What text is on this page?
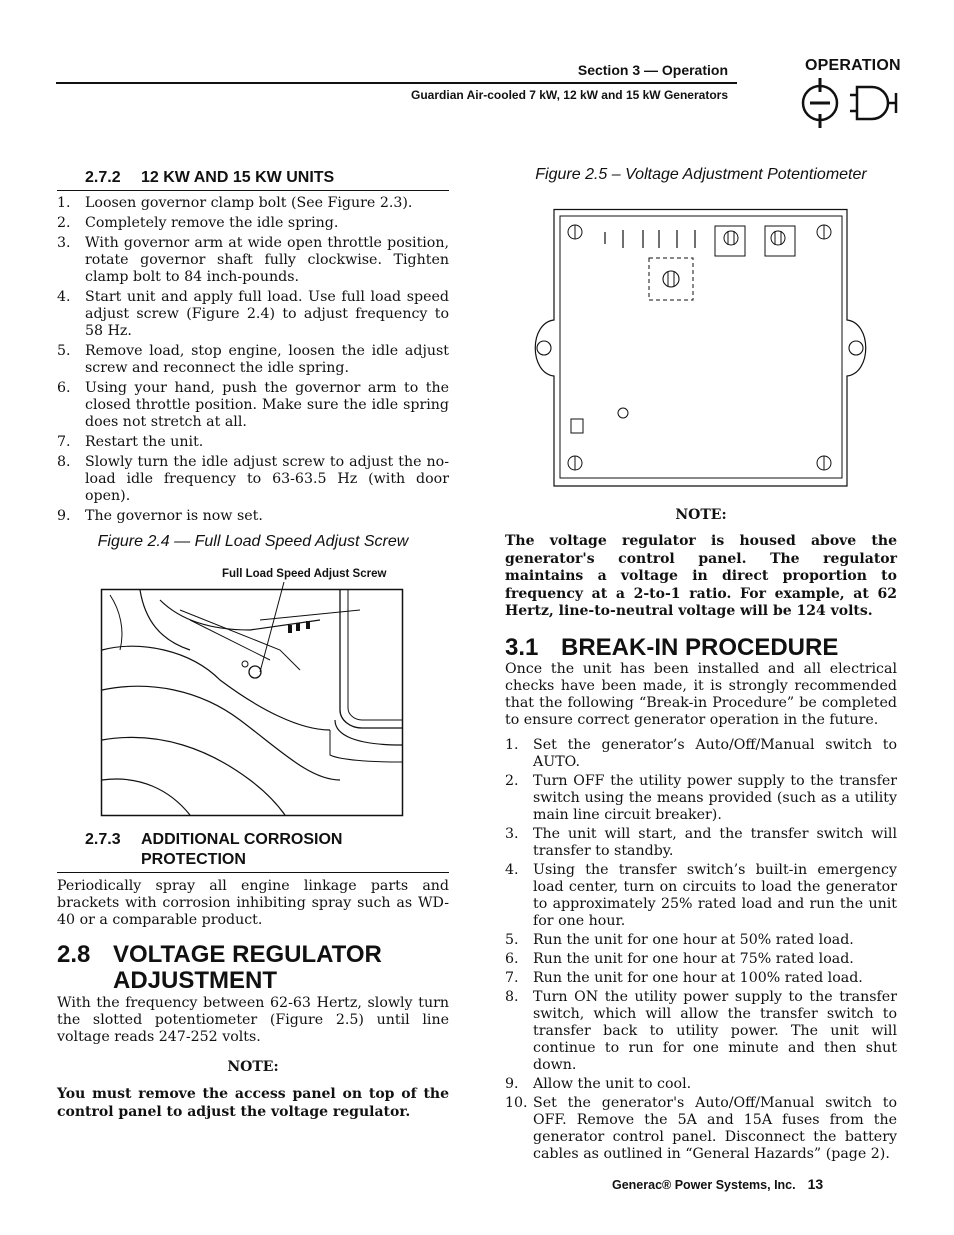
Section 3 — Operation
Guardian Air-cooled 7 kW, 12 kW and 15 kW Generators
OPERATION
2.7.2 12 KW AND 15 KW UNITS
1. Loosen governor clamp bolt (See Figure 2.3).
2. Completely remove the idle spring.
3. With governor arm at wide open throttle position, rotate governor shaft fully clockwise. Tighten clamp bolt to 84 inch-pounds.
4. Start unit and apply full load. Use full load speed adjust screw (Figure 2.4) to adjust frequency to 58 Hz.
5. Remove load, stop engine, loosen the idle adjust screw and reconnect the idle spring.
6. Using your hand, push the governor arm to the closed throttle position. Make sure the idle spring does not stretch at all.
7. Restart the unit.
8. Slowly turn the idle adjust screw to adjust the no-load idle frequency to 63-63.5 Hz (with door open).
9. The governor is now set.
Figure 2.4 — Full Load Speed Adjust Screw
Full Load Speed Adjust Screw
2.7.3 ADDITIONAL CORROSION
PROTECTION
Periodically spray all engine linkage parts and brackets with corrosion inhibiting spray such as WD-40 or a comparable product.
2.8 VOLTAGE REGULATOR
ADJUSTMENT
With the frequency between 62-63 Hertz, slowly turn the slotted potentiometer (Figure 2.5) until line voltage reads 247-252 volts.
NOTE:
You must remove the access panel on top of the control panel to adjust the voltage regulator.
Figure 2.5 – Voltage Adjustment Potentiometer
NOTE:
The voltage regulator is housed above the generator's control panel. The regulator maintains a voltage in direct proportion to frequency at a 2-to-1 ratio. For example, at 62 Hertz, line-to-neutral voltage will be 124 volts.
3.1 BREAK-IN PROCEDURE
Once the unit has been installed and all electrical checks have been made, it is strongly recommended that the following “Break-in Procedure” be completed to ensure correct generator operation in the future.
1. Set the generator’s Auto/Off/Manual switch to AUTO.
2. Turn OFF the utility power supply to the transfer switch using the means provided (such as a utility main line circuit breaker).
3. The unit will start, and the transfer switch will transfer to standby.
4. Using the transfer switch’s built-in emergency load center, turn on circuits to load the generator to approximately 25% rated load and run the unit for one hour.
5. Run the unit for one hour at 50% rated load.
6. Run the unit for one hour at 75% rated load.
7. Run the unit for one hour at 100% rated load.
8. Turn ON the utility power supply to the transfer switch, which will allow the transfer switch to transfer back to utility power. The unit will continue to run for one minute and then shut down.
9. Allow the unit to cool.
10. Set the generator's Auto/Off/Manual switch to OFF. Remove the 5A and 15A fuses from the generator control panel. Disconnect the battery cables as outlined in “General Hazards” (page 2).
Generac® Power Systems, Inc. 13
